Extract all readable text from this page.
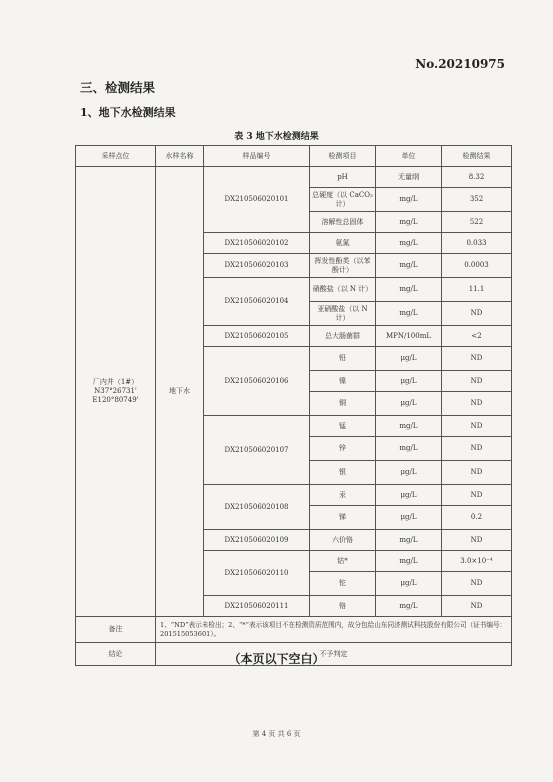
No.20210975
三、检测结果
1、地下水检测结果
表 3 地下水检测结果
采样点位	水样名称	样品编号	检测项目	单位	检测结果

厂内井（1#）
N37°26731'
E120°80749'	地下水	DX210506020101	pH	无量纲	8.32
			总硬度（以 CaCO₃ 计）	mg/L	352
			溶解性总固体	mg/L	522
		DX210506020102	氨氮	mg/L	0.033
		DX210506020103	挥发性酚类（以苯酚计）	mg/L	0.0003
		DX210506020104	硝酸盐（以 N 计）	mg/L	11.1
			亚硝酸盐（以 N 计）	mg/L	ND
		DX210506020105	总大肠菌群	MPN/100mL	<2
		DX210506020106	铅	μg/L	ND
			镍	μg/L	ND
			铜	μg/L	ND
		DX210506020107	锰	mg/L	ND
			锌	mg/L	ND
			银	μg/L	ND
		DX210506020108	汞	μg/L	ND
			锑	μg/L	0.2
		DX210506020109	六价铬	mg/L	ND
		DX210506020110	钴*	mg/L	3.0×10⁻⁴
			铊	μg/L	ND
		DX210506020111	铬	mg/L	ND
备注	1、“ND”表示未检出；2、“*”表示该项目不在检测资质范围内，故分包给山东同济测试科技股份有限公司（证书编号：201515053601）。				
结论	不予判定				
（本页以下空白）
第 4 页 共 6 页
